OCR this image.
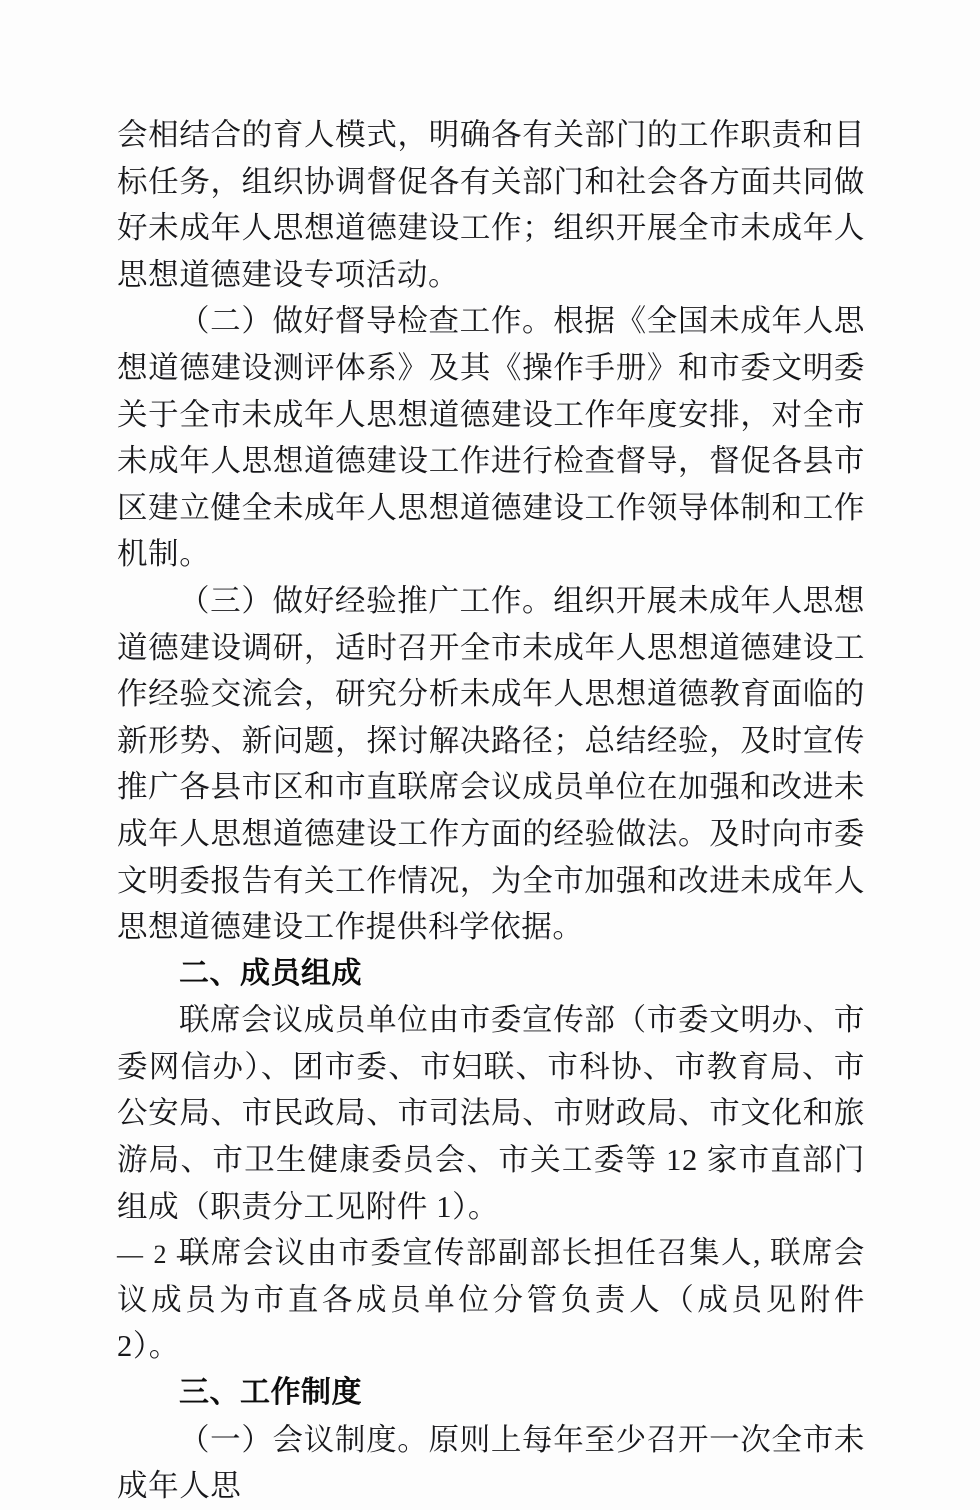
会相结合的育人模式，明确各有关部门的工作职责和目标任务，组织协调督促各有关部门和社会各方面共同做好未成年人思想道德建设工作；组织开展全市未成年人思想道德建设专项活动。

（二）做好督导检查工作。根据《全国未成年人思想道德建设测评体系》及其《操作手册》和市委文明委关于全市未成年人思想道德建设工作年度安排，对全市未成年人思想道德建设工作进行检查督导，督促各县市区建立健全未成年人思想道德建设工作领导体制和工作机制。

（三）做好经验推广工作。组织开展未成年人思想道德建设调研，适时召开全市未成年人思想道德建设工作经验交流会，研究分析未成年人思想道德教育面临的新形势、新问题，探讨解决路径；总结经验，及时宣传推广各县市区和市直联席会议成员单位在加强和改进未成年人思想道德建设工作方面的经验做法。及时向市委文明委报告有关工作情况，为全市加强和改进未成年人思想道德建设工作提供科学依据。

二、成员组成

联席会议成员单位由市委宣传部（市委文明办、市委网信办）、团市委、市妇联、市科协、市教育局、市公安局、市民政局、市司法局、市财政局、市文化和旅游局、市卫生健康委员会、市关工委等 12 家市直部门组成（职责分工见附件 1）。

联席会议由市委宣传部副部长担任召集人, 联席会议成员为市直各成员单位分管负责人（成员见附件 2）。

三、工作制度

（一）会议制度。原则上每年至少召开一次全市未成年人思

— 2 —
